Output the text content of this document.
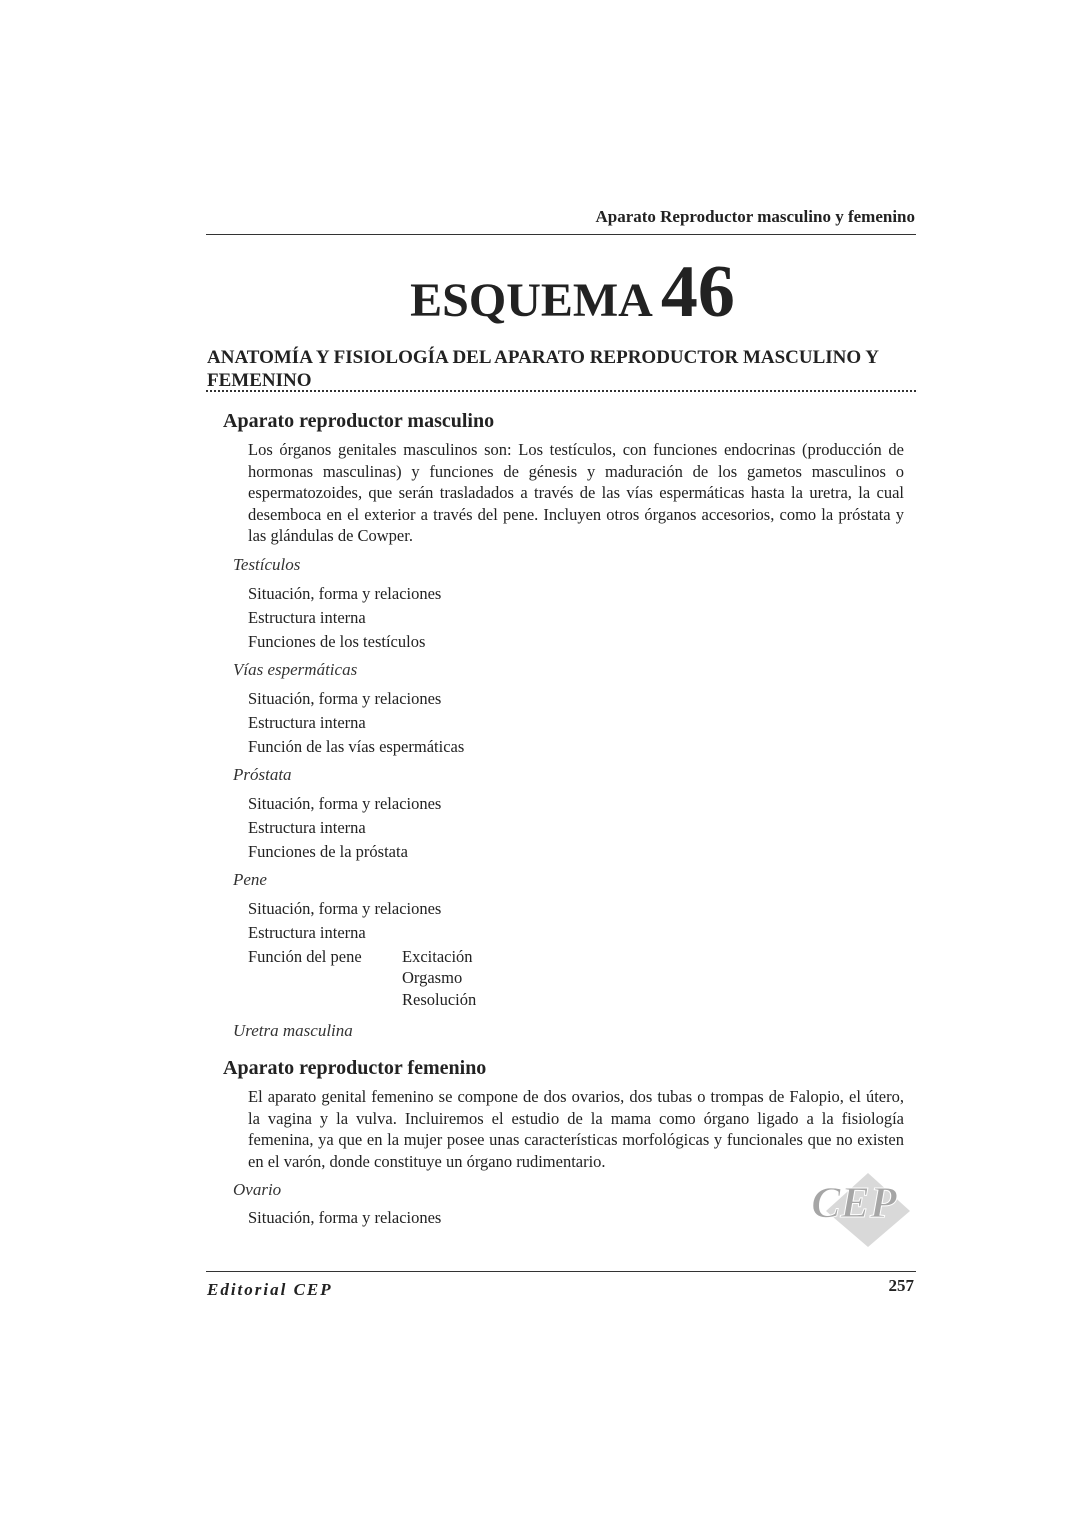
Aparato Reproductor masculino y femenino
ESQUEMA 46
ANATOMÍA Y FISIOLOGÍA DEL APARATO REPRODUCTOR MASCULINO Y FEMENINO
Aparato reproductor masculino
Los órganos genitales masculinos son: Los testículos, con funciones endocrinas (producción de hormonas masculinas) y funciones de génesis y maduración de los gametos masculinos o espermatozoides, que serán trasladados a través de las vías espermáticas hasta la uretra, la cual desemboca en el exterior a través del pene. Incluyen otros órganos accesorios, como la próstata y las glándulas de Cowper.
Testículos
Situación, forma y relaciones
Estructura interna
Funciones de los testículos
Vías espermáticas
Situación, forma y relaciones
Estructura interna
Función de las vías espermáticas
Próstata
Situación, forma y relaciones
Estructura interna
Funciones de la próstata
Pene
Situación, forma y relaciones
Estructura interna
Función del pene Excitación
Orgasmo
Resolución
Uretra masculina
Aparato reproductor femenino
El aparato genital femenino se compone de dos ovarios, dos tubas o trompas de Falopio, el útero, la vagina y la vulva. Incluiremos el estudio de la mama como órgano ligado a la fisiología femenina, ya que en la mujer posee unas características morfológicas y funcionales que no existen en el varón, donde constituye un órgano rudimentario.
Ovario
Situación, forma y relaciones	CEP
Editorial CEP	257
